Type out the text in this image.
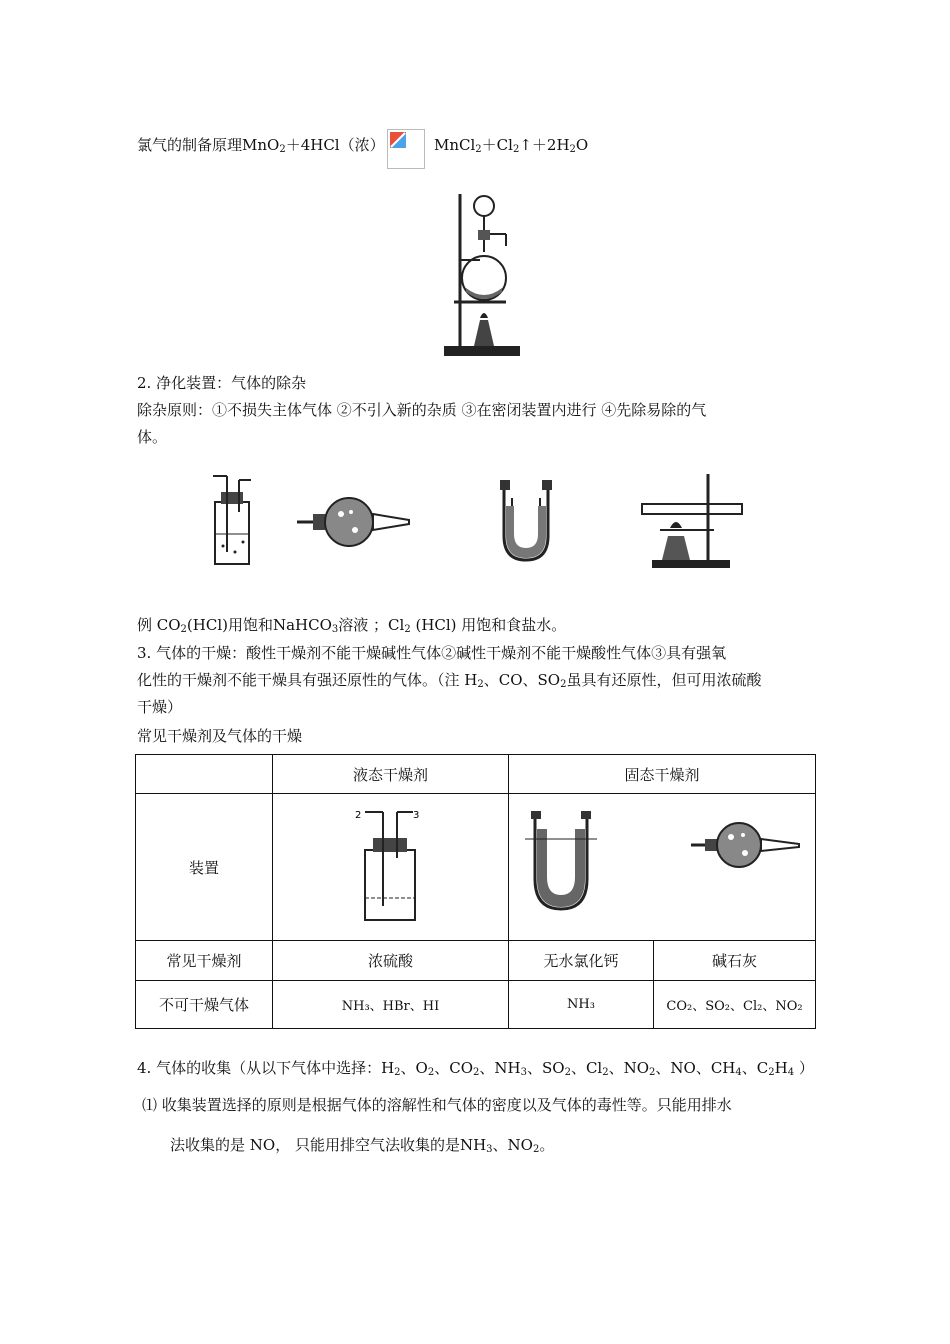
氯气的制备原理MnO$_2$＋4HCl（浓）	$MnCl_2+Cl_2↑+2H_2O$
2. 净化装置：气体的除杂
除杂原则：①不损失主体气体 ②不引入新的杂质 ③在密闭装置内进行 ④先除易除的气
体。
例 $CO_2(HCl)$用饱和NaHCO$_3$溶液 ；$Cl_2$ (HCl) 用饱和食盐水。
3. 气体的干燥：酸性干燥剂不能干燥碱性气体②碱性干燥剂不能干燥酸性气体③具有强氧
化性的干燥剂不能干燥具有强还原性的气体。（注 $H_2$、CO、$SO_2$虽具有还原性，但可用浓硫酸
干燥）
常见干燥剂及气体的干燥
	液态干燥剂	固态干燥剂	
装置	2 3

常见干燥剂	浓硫酸	无水氯化钙	碱石灰
不可干燥气体	NH₃、HBr、HI	NH₃	CO₂、SO₂、Cl₂、NO₂
4. 气体的收集（从以下气体中选择：$H_2$、$O_2$、$CO_2$、$NH_3$、$SO_2$、$Cl_2$、$NO_2$、NO、$CH_4$、$C_2H_4$ ）
⑴ 收集装置选择的原则是根据气体的溶解性和气体的密度以及气体的毒性等。只能用排水
法收集的是 NO， 只能用排空气法收集的是$NH_3$、$NO_2$。
